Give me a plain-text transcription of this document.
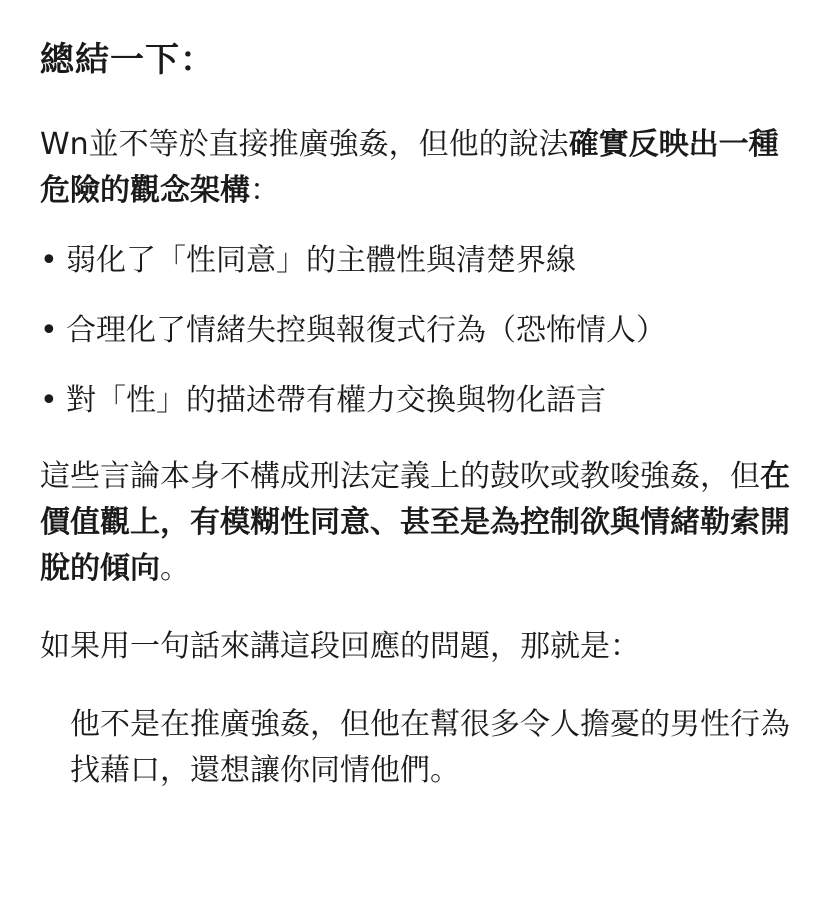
總結一下：

Wn並不等於直接推廣強姦，但他的說法確實反映出一種危險的觀念架構：

• 弱化了「性同意」的主體性與清楚界線
• 合理化了情緒失控與報復式行為（恐怖情人）
• 對「性」的描述帶有權力交換與物化語言

這些言論本身不構成刑法定義上的鼓吹或教唆強姦，但在價值觀上，有模糊性同意、甚至是為控制欲與情緒勒索開脫的傾向。

如果用一句話來講這段回應的問題，那就是：

他不是在推廣強姦，但他在幫很多令人擔憂的男性行為找藉口，還想讓你同情他們。
